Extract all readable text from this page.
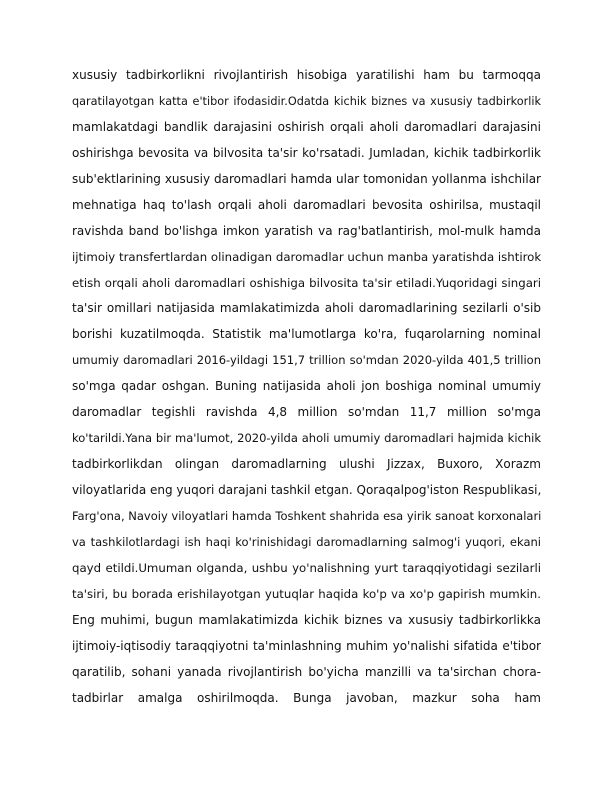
xususiy tadbirkorlikni rivojlantirish hisobiga yaratilishi ham bu tarmoqqa
qaratilayotgan katta e'tibor ifodasidir.Odatda kichik biznes va xususiy tadbirkorlik
mamlakatdagi bandlik darajasini oshirish orqali aholi daromadlari darajasini
oshirishga bevosita va bilvosita ta'sir ko'rsatadi. Jumladan, kichik tadbirkorlik
sub'ektlarining xususiy daromadlari hamda ular tomonidan yollanma ishchilar
mehnatiga haq to'lash orqali aholi daromadlari bevosita oshirilsa, mustaqil
ravishda band bo'lishga imkon yaratish va rag'batlantirish, mol-mulk hamda
ijtimoiy transfertlardan olinadigan daromadlar uchun manba yaratishda ishtirok
etish orqali aholi daromadlari oshishiga bilvosita ta'sir etiladi.Yuqoridagi singari
ta'sir omillari natijasida mamlakatimizda aholi daromadlarining sezilarli o'sib
borishi kuzatilmoqda. Statistik ma'lumotlarga ko'ra, fuqarolarning nominal
umumiy daromadlari 2016-yildagi 151,7 trillion so'mdan 2020-yilda 401,5 trillion
so'mga qadar oshgan. Buning natijasida aholi jon boshiga nominal umumiy
daromadlar tegishli ravishda 4,8 million so'mdan 11,7 million so'mga
ko'tarildi.Yana bir ma'lumot, 2020-yilda aholi umumiy daromadlari hajmida kichik
tadbirkorlikdan olingan daromadlarning ulushi Jizzax, Buxoro, Xorazm
viloyatlarida eng yuqori darajani tashkil etgan. Qoraqalpog'iston Respublikasi,
Farg'ona, Navoiy viloyatlari hamda Toshkent shahrida esa yirik sanoat korxonalari
va tashkilotlardagi ish haqi ko'rinishidagi daromadlarning salmog'i yuqori, ekani
qayd etildi.Umuman olganda, ushbu yo'nalishning yurt taraqqiyotidagi sezilarli
ta'siri, bu borada erishilayotgan yutuqlar haqida ko'p va xo'p gapirish mumkin.
Eng muhimi, bugun mamlakatimizda kichik biznes va xususiy tadbirkorlikka
ijtimoiy-iqtisodiy taraqqiyotni ta'minlashning muhim yo'nalishi sifatida e'tibor
qaratilib, sohani yanada rivojlantirish bo'yicha manzilli va ta'sirchan chora-
tadbirlar amalga oshirilmoqda. Bunga javoban, mazkur soha ham
